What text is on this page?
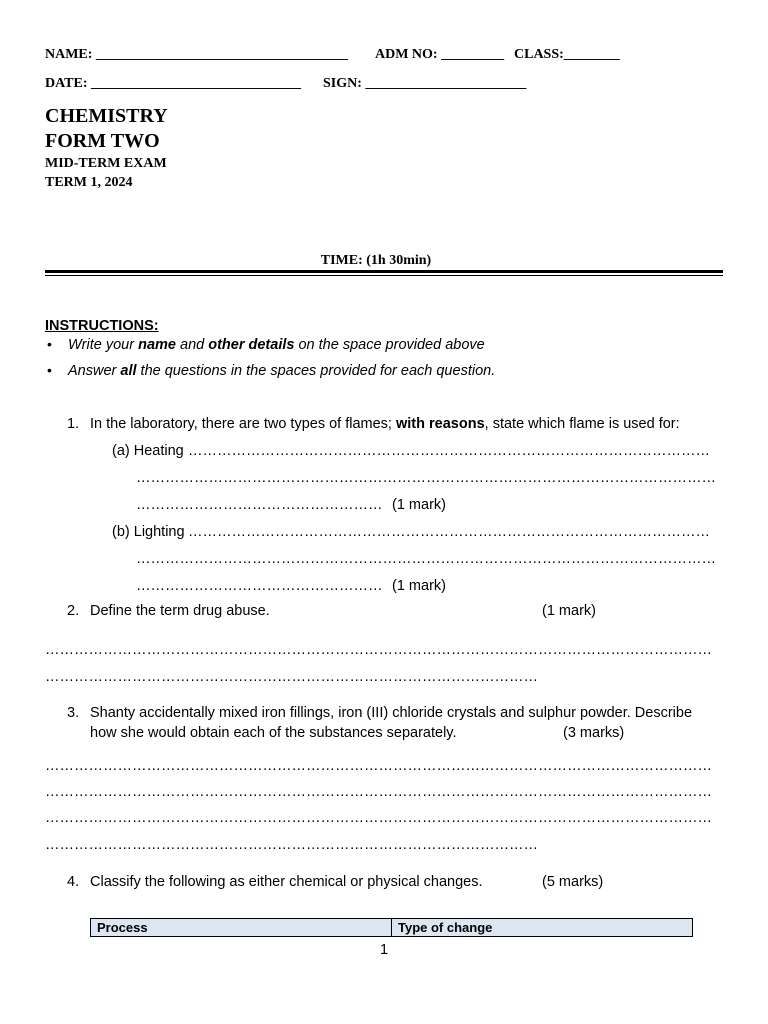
NAME: ____________________________________ ADM NO: _________ CLASS:________
DATE: ______________________________ SIGN: _______________________
CHEMISTRY
FORM TWO
MID-TERM EXAM
TERM 1, 2024
TIME: (1h 30min)
INSTRUCTIONS:
• Write your name and other details on the space provided above
• Answer all the questions in the spaces provided for each question.
1. In the laboratory, there are two types of flames; with reasons, state which flame is used for:
(a) Heating ………………………………………………………………………………………………
…………………………………………………………………………………………………………
…………………………………………… (1 mark)
(b) Lighting ………………………………………………………………………………………………
…………………………………………………………………………………………………………
…………………………………………… (1 mark)
2. Define the term drug abuse.	(1 mark)
…………………………………………………………………………………………………………………………
…………………………………………………………………………………………
3. Shanty accidentally mixed iron fillings, iron (III) chloride crystals and sulphur powder. Describe
how she would obtain each of the substances separately.	(3 marks)
…………………………………………………………………………………………………………………………
…………………………………………………………………………………………………………………………
…………………………………………………………………………………………………………………………
…………………………………………………………………………………………
4. Classify the following as either chemical or physical changes.	(5 marks)
Process	Type of change
1
